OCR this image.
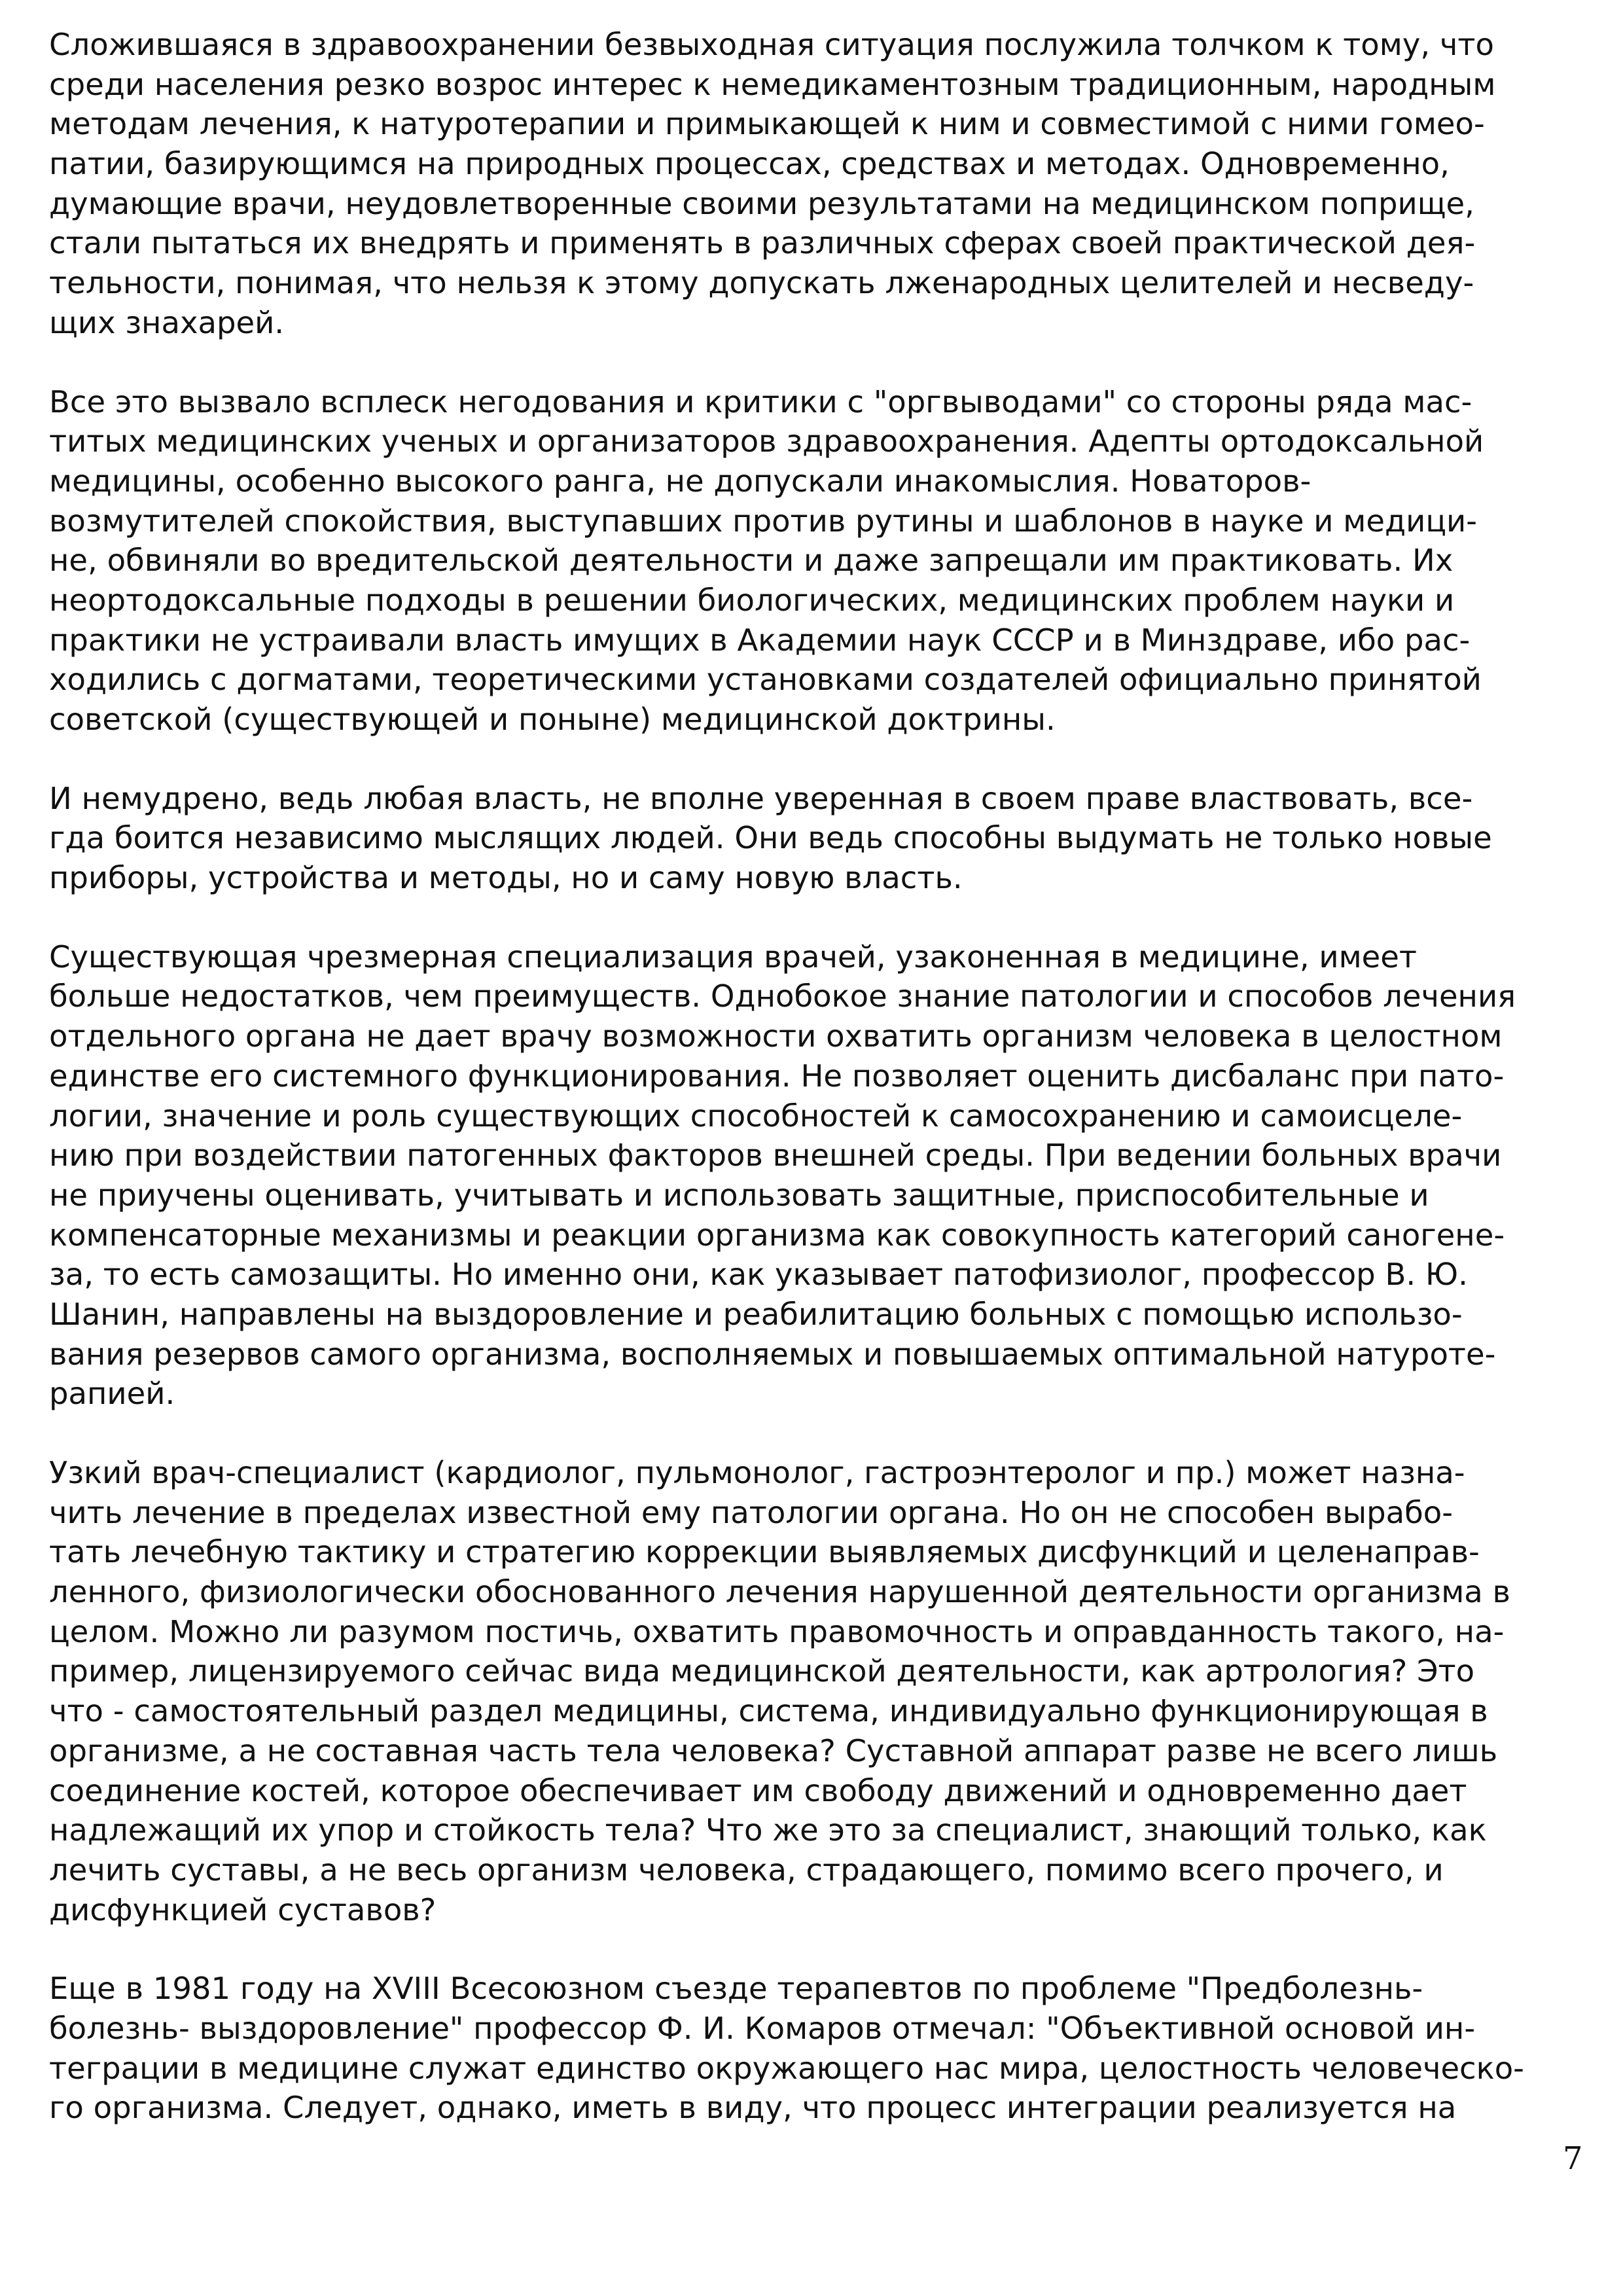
Сложившаяся в здравоохранении безвыходная ситуация послужила толчком к тому, что
среди населения резко возрос интерес к немедикаментозным традиционным, народным
методам лечения, к натуротерапии и примыкающей к ним и совместимой с ними гомео-
патии, базирующимся на природных процессах, средствах и методах. Одновременно,
думающие врачи, неудовлетворенные своими результатами на медицинском поприще,
стали пытаться их внедрять и применять в различных сферах своей практической дея-
тельности, понимая, что нельзя к этому допускать лженародных целителей и несведу-
щих знахарей.
Все это вызвало всплеск негодования и критики с "оргвыводами" со стороны ряда мас-
титых медицинских ученых и организаторов здравоохранения. Адепты ортодоксальной
медицины, особенно высокого ранга, не допускали инакомыслия. Новаторов-
возмутителей спокойствия, выступавших против рутины и шаблонов в науке и медици-
не, обвиняли во вредительской деятельности и даже запрещали им практиковать. Их
неортодоксальные подходы в решении биологических, медицинских проблем науки и
практики не устраивали власть имущих в Академии наук СССР и в Минздраве, ибо рас-
ходились с догматами, теоретическими установками создателей официально принятой
советской (существующей и поныне) медицинской доктрины.
И немудрено, ведь любая власть, не вполне уверенная в своем праве властвовать, все-
гда боится независимо мыслящих людей. Они ведь способны выдумать не только новые
приборы, устройства и методы, но и саму новую власть.
Существующая чрезмерная специализация врачей, узаконенная в медицине, имеет
больше недостатков, чем преимуществ. Однобокое знание патологии и способов лечения
отдельного органа не дает врачу возможности охватить организм человека в целостном
единстве его системного функционирования. Не позволяет оценить дисбаланс при пато-
логии, значение и роль существующих способностей к самосохранению и самоисцеле-
нию при воздействии патогенных факторов внешней среды. При ведении больных врачи
не приучены оценивать, учитывать и использовать защитные, приспособительные и
компенсаторные механизмы и реакции организма как совокупность категорий саногене-
за, то есть самозащиты. Но именно они, как указывает патофизиолог, профессор В. Ю.
Шанин, направлены на выздоровление и реабилитацию больных с помощью использо-
вания резервов самого организма, восполняемых и повышаемых оптимальной натуроте-
рапией.
Узкий врач-специалист (кардиолог, пульмонолог, гастроэнтеролог и пр.) может назна-
чить лечение в пределах известной ему патологии органа. Но он не способен вырабо-
тать лечебную тактику и стратегию коррекции выявляемых дисфункций и целенаправ-
ленного, физиологически обоснованного лечения нарушенной деятельности организма в
целом. Можно ли разумом постичь, охватить правомочность и оправданность такого, на-
пример, лицензируемого сейчас вида медицинской деятельности, как артрология? Это
что - самостоятельный раздел медицины, система, индивидуально функционирующая в
организме, а не составная часть тела человека? Суставной аппарат разве не всего лишь
соединение костей, которое обеспечивает им свободу движений и одновременно дает
надлежащий их упор и стойкость тела? Что же это за специалист, знающий только, как
лечить суставы, а не весь организм человека, страдающего, помимо всего прочего, и
дисфункцией суставов?
Еще в 1981 году на XVIII Всесоюзном съезде терапевтов по проблеме "Предболезнь-
болезнь- выздоровление" профессор Ф. И. Комаров отмечал: "Объективной основой ин-
теграции в медицине служат единство окружающего нас мира, целостность человеческо-
го организма. Следует, однако, иметь в виду, что процесс интеграции реализуется на
7
